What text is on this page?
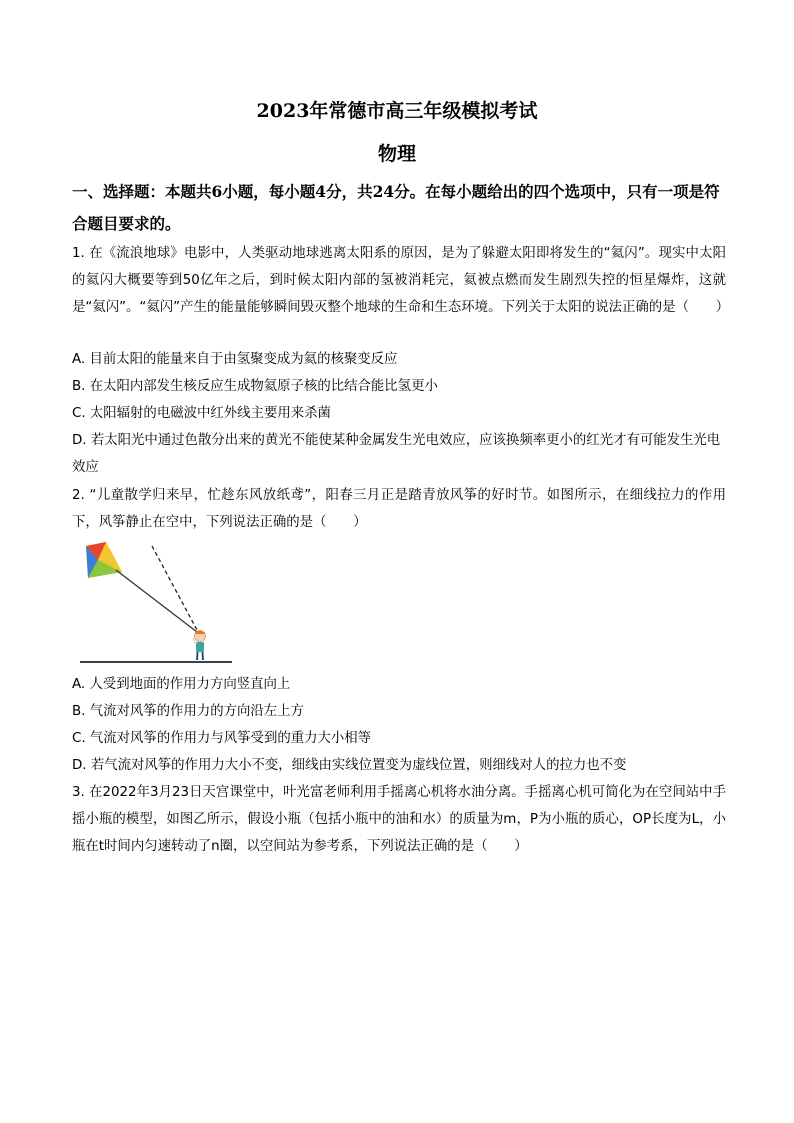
2023年常德市高三年级模拟考试
物理
一、选择题：本题共6小题，每小题4分，共24分。在每小题给出的四个选项中，只有一项是符合题目要求的。
1. 在《流浪地球》电影中，人类驱动地球逃离太阳系的原因，是为了躲避太阳即将发生的“氦闪”。现实中太阳的氦闪大概要等到50亿年之后，到时候太阳内部的氢被消耗完，氦被点燃而发生剧烈失控的恒星爆炸，这就是“氦闪”。“氦闪”产生的能量能够瞬间毁灭整个地球的生命和生态环境。下列关于太阳的说法正确的是（　　）
A. 目前太阳的能量来自于由氢聚变成为氦的核聚变反应
B. 在太阳内部发生核反应生成物氦原子核的比结合能比氢更小
C. 太阳辐射的电磁波中红外线主要用来杀菌
D. 若太阳光中通过色散分出来的黄光不能使某种金属发生光电效应，应该换频率更小的红光才有可能发生光电效应
2. “儿童散学归来早，忙趁东风放纸鸢”，阳春三月正是踏青放风筝的好时节。如图所示，在细线拉力的作用下，风筝静止在空中，下列说法正确的是（　　）
A. 人受到地面的作用力方向竖直向上
B. 气流对风筝的作用力的方向沿左上方
C. 气流对风筝的作用力与风筝受到的重力大小相等
D. 若气流对风筝的作用力大小不变，细线由实线位置变为虚线位置，则细线对人的拉力也不变
3. 在2022年3月23日天宫课堂中，叶光富老师利用手摇离心机将水油分离。手摇离心机可简化为在空间站中手摇小瓶的模型，如图乙所示，假设小瓶（包括小瓶中的油和水）的质量为m，P为小瓶的质心，OP长度为L，小瓶在t时间内匀速转动了n圈，以空间站为参考系，下列说法正确的是（　　）
